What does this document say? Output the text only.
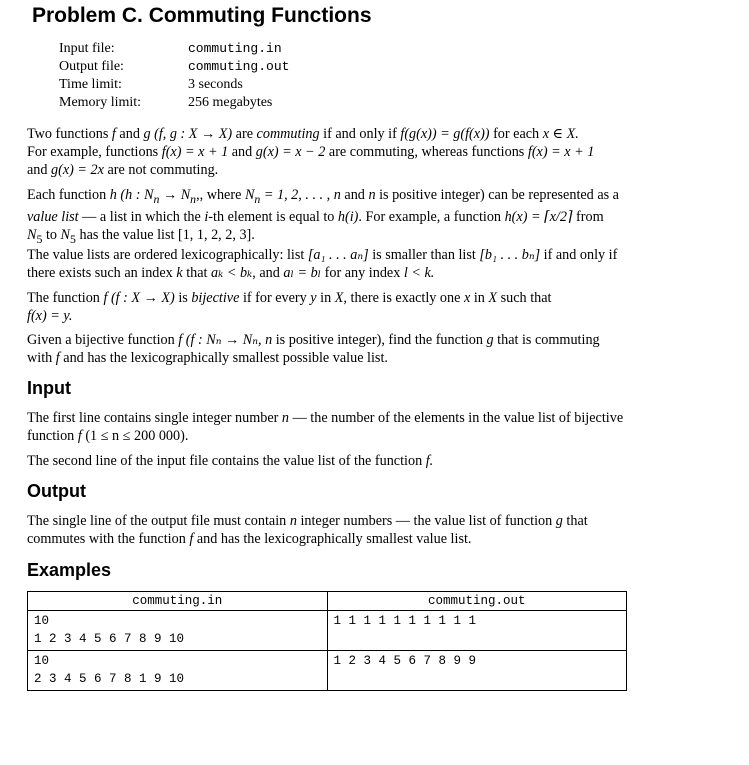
Problem C. Commuting Functions
Input file:	commuting.in
Output file:	commuting.out
Time limit:	3 seconds
Memory limit:	256 megabytes
Two functions f and g (f, g : X → X) are commuting if and only if f(g(x)) = g(f(x)) for each x ∈ X.
For example, functions f(x) = x + 1 and g(x) = x − 2 are commuting, whereas functions f(x) = x + 1
and g(x) = 2x are not commuting.
Each function h (h : $N_n \to N_n$,, where $N_n = 1$, 2, . . . , n and n is positive integer) can be represented as a
value list — a list in which the i-th element is equal to h(i). For example, a function h(x) = ⌈x/2⌉ from
$N_5$ to $N_5$ has the value list [1, 1, 2, 2, 3].
The value lists are ordered lexicographically: list [a₁ . . . aₙ] is smaller than list [b₁ . . . bₙ] if and only if
there exists such an index k that aₖ < bₖ, and aₗ = bₗ for any index l < k.
The function f (f : X → X) is bijective if for every y in X, there is exactly one x in X such that
f(x) = y.
Given a bijective function f (f : Nₙ → Nₙ, n is positive integer), find the function g that is commuting
with f and has the lexicographically smallest possible value list.
Input
The first line contains single integer number n — the number of the elements in the value list of bijective
function f (1 ≤ n ≤ 200 000).
The second line of the input file contains the value list of the function f.
Output
The single line of the output file must contain n integer numbers — the value list of function g that
commutes with the function f and has the lexicographically smallest value list.
Examples
commuting.in	commuting.out

10
1 2 3 4 5 6 7 8 9 10	1 1 1 1 1 1 1 1 1 1

10
2 3 4 5 6 7 8 1 9 10	1 2 3 4 5 6 7 8 9 9
